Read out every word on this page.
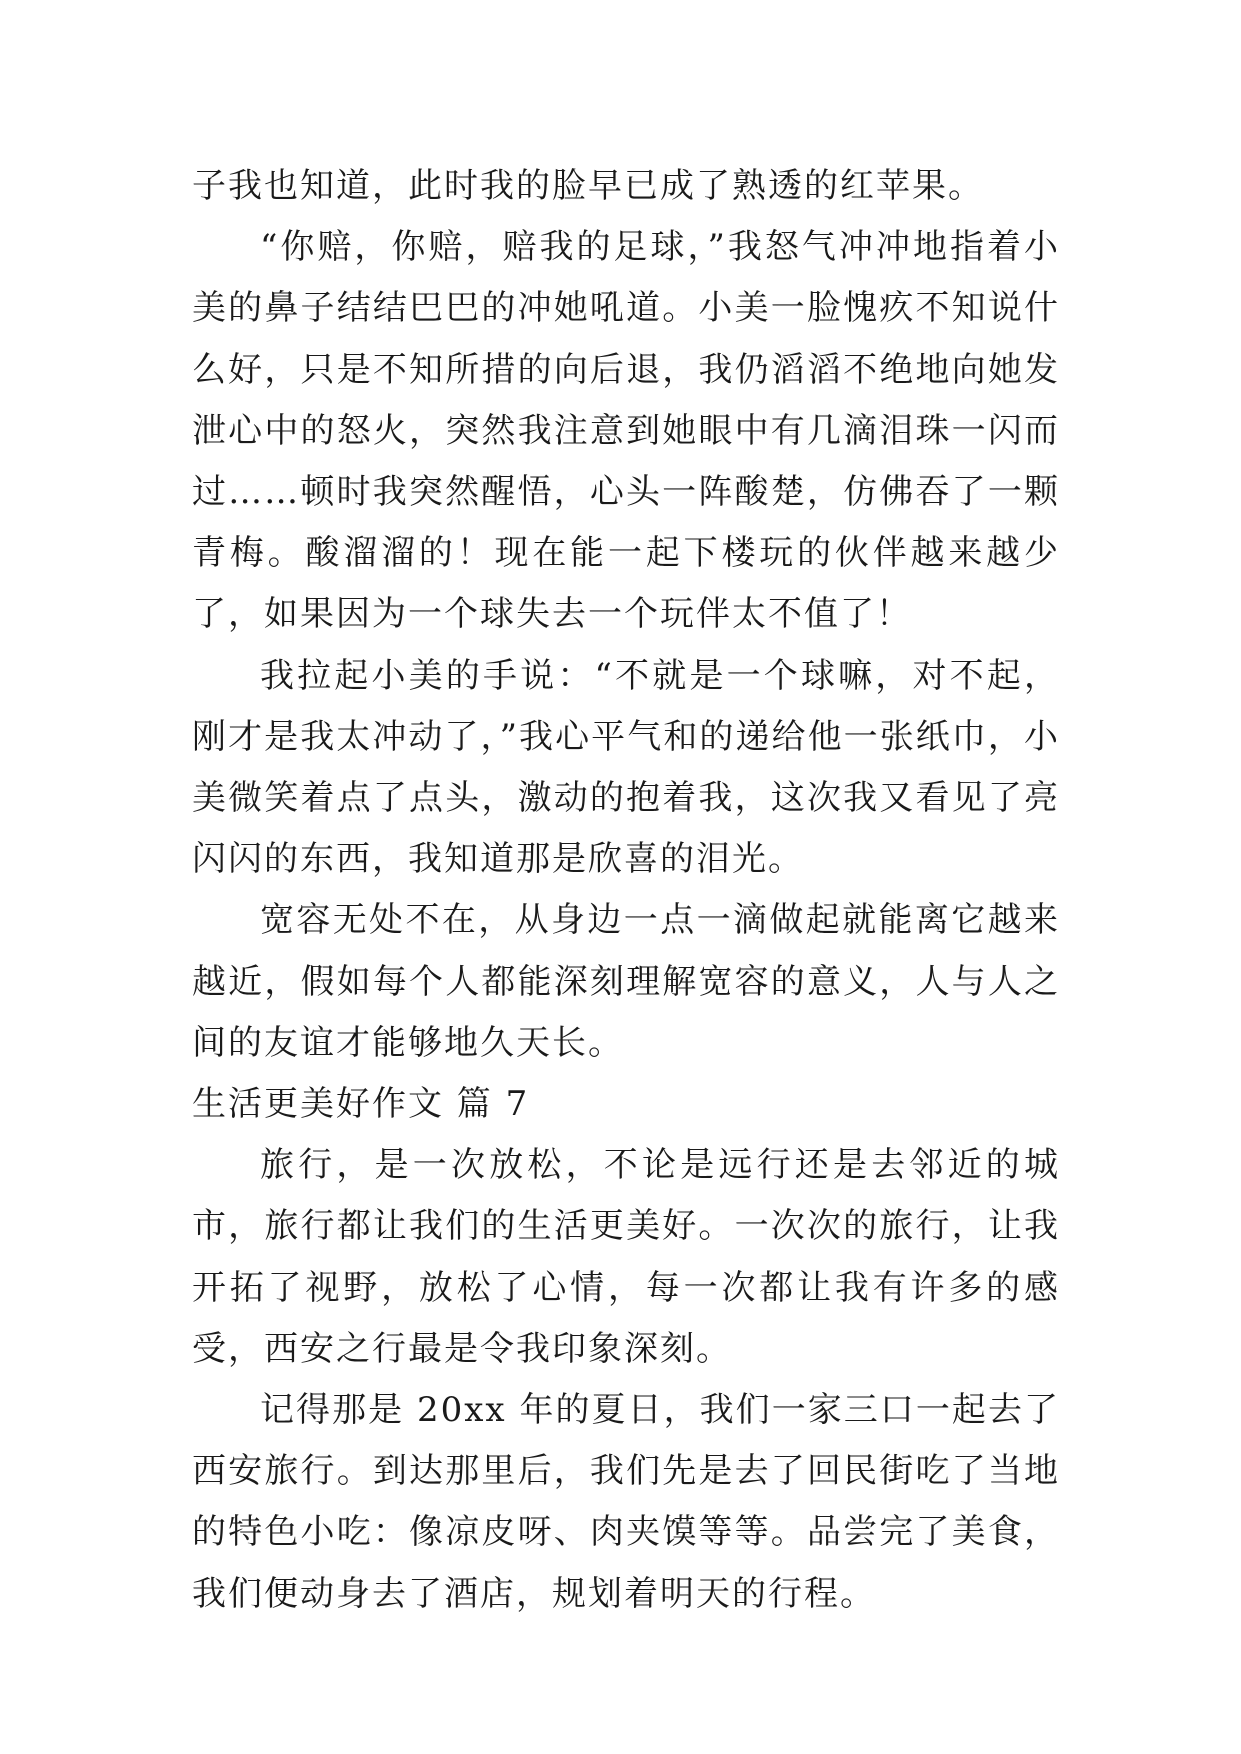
子我也知道，此时我的脸早已成了熟透的红苹果。

“你赔，你赔，赔我的足球，”我怒气冲冲地指着小美的鼻子结结巴巴的冲她吼道。小美一脸愧疚不知说什么好，只是不知所措的向后退，我仍滔滔不绝地向她发泄心中的怒火，突然我注意到她眼中有几滴泪珠一闪而过……顿时我突然醒悟，心头一阵酸楚，仿佛吞了一颗青梅。酸溜溜的！现在能一起下楼玩的伙伴越来越少了，如果因为一个球失去一个玩伴太不值了！

我拉起小美的手说：“不就是一个球嘛，对不起，刚才是我太冲动了，”我心平气和的递给他一张纸巾，小美微笑着点了点头，激动的抱着我，这次我又看见了亮闪闪的东西，我知道那是欣喜的泪光。

宽容无处不在，从身边一点一滴做起就能离它越来越近，假如每个人都能深刻理解宽容的意义，人与人之间的友谊才能够地久天长。

生活更美好作文 篇 7

旅行，是一次放松，不论是远行还是去邻近的城市，旅行都让我们的生活更美好。一次次的旅行，让我开拓了视野，放松了心情，每一次都让我有许多的感受，西安之行最是令我印象深刻。

记得那是 20xx 年的夏日，我们一家三口一起去了西安旅行。到达那里后，我们先是去了回民街吃了当地的特色小吃：像凉皮呀、肉夹馍等等。品尝完了美食，我们便动身去了酒店，规划着明天的行程。
